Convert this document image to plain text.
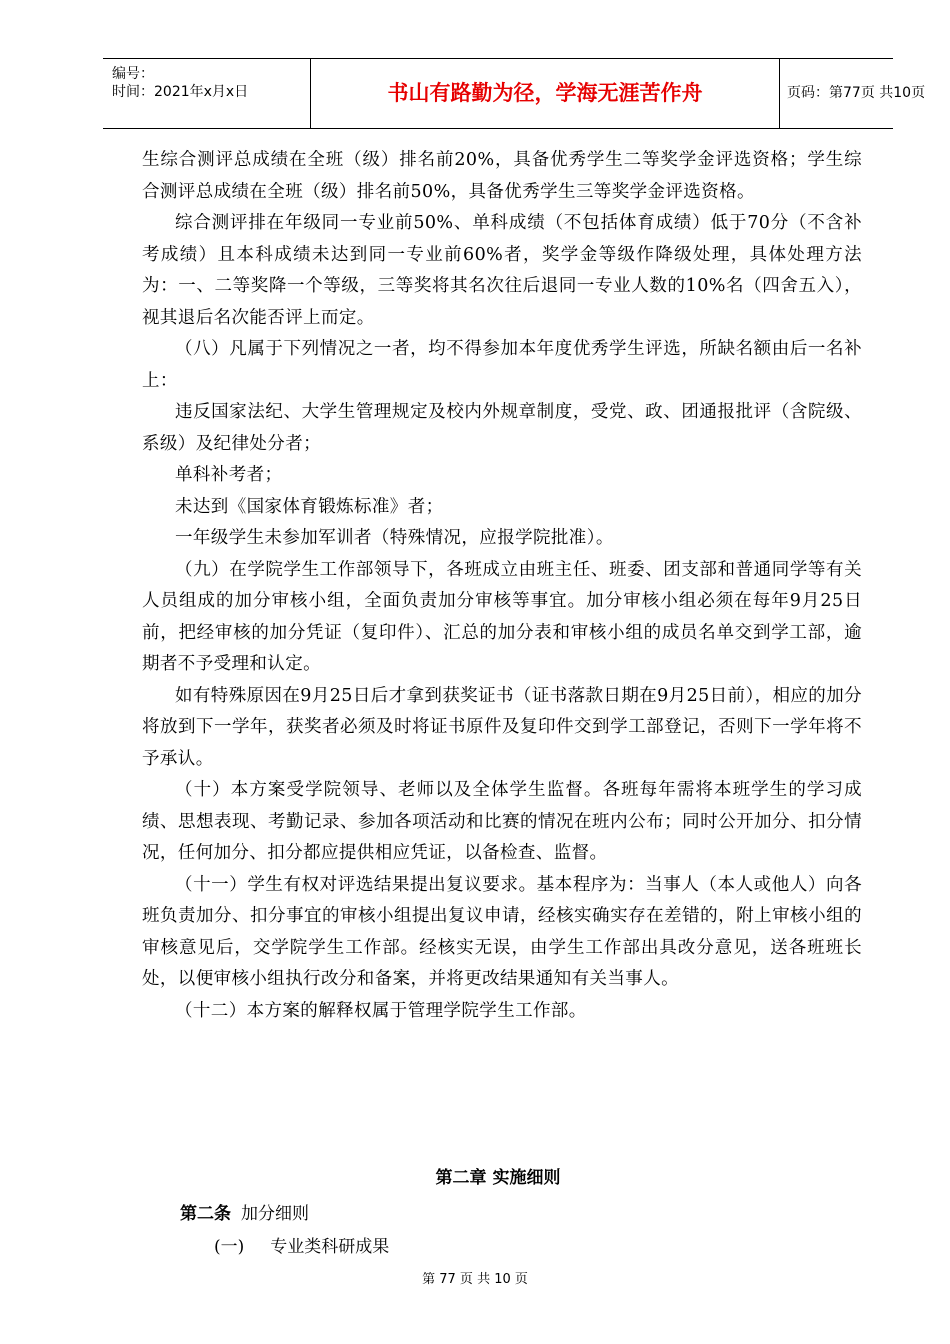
编号：
时间：2021年x月x日	书山有路勤为径，学海无涯苦作舟	页码：第77页 共10页

生综合测评总成绩在全班（级）排名前20%，具备优秀学生二等奖学金评选资格；学生综合测评总成绩在全班（级）排名前50%，具备优秀学生三等奖学金评选资格。

综合测评排在年级同一专业前50%、单科成绩（不包括体育成绩）低于70分（不含补考成绩）且本科成绩未达到同一专业前60%者，奖学金等级作降级处理，具体处理方法为：一、二等奖降一个等级，三等奖将其名次往后退同一专业人数的10%名（四舍五入），视其退后名次能否评上而定。

（八）凡属于下列情况之一者，均不得参加本年度优秀学生评选，所缺名额由后一名补上：

违反国家法纪、大学生管理规定及校内外规章制度，受党、政、团通报批评（含院级、系级）及纪律处分者；

单科补考者；

未达到《国家体育锻炼标准》者；

一年级学生未参加军训者（特殊情况，应报学院批准）。

（九）在学院学生工作部领导下，各班成立由班主任、班委、团支部和普通同学等有关人员组成的加分审核小组，全面负责加分审核等事宜。加分审核小组必须在每年9月25日前，把经审核的加分凭证（复印件）、汇总的加分表和审核小组的成员名单交到学工部，逾期者不予受理和认定。

如有特殊原因在9月25日后才拿到获奖证书（证书落款日期在9月25日前），相应的加分将放到下一学年，获奖者必须及时将证书原件及复印件交到学工部登记，否则下一学年将不予承认。

（十）本方案受学院领导、老师以及全体学生监督。各班每年需将本班学生的学习成绩、思想表现、考勤记录、参加各项活动和比赛的情况在班内公布；同时公开加分、扣分情况，任何加分、扣分都应提供相应凭证，以备检查、监督。

（十一）学生有权对评选结果提出复议要求。基本程序为：当事人（本人或他人）向各班负责加分、扣分事宜的审核小组提出复议申请，经核实确实存在差错的，附上审核小组的审核意见后，交学院学生工作部。经核实无误，由学生工作部出具改分意见，送各班班长处，以便审核小组执行改分和备案，并将更改结果通知有关当事人。

（十二）本方案的解释权属于管理学院学生工作部。

第二章 实施细则
第二条 加分细则
(一) 专业类科研成果
第 77 页 共 10 页
